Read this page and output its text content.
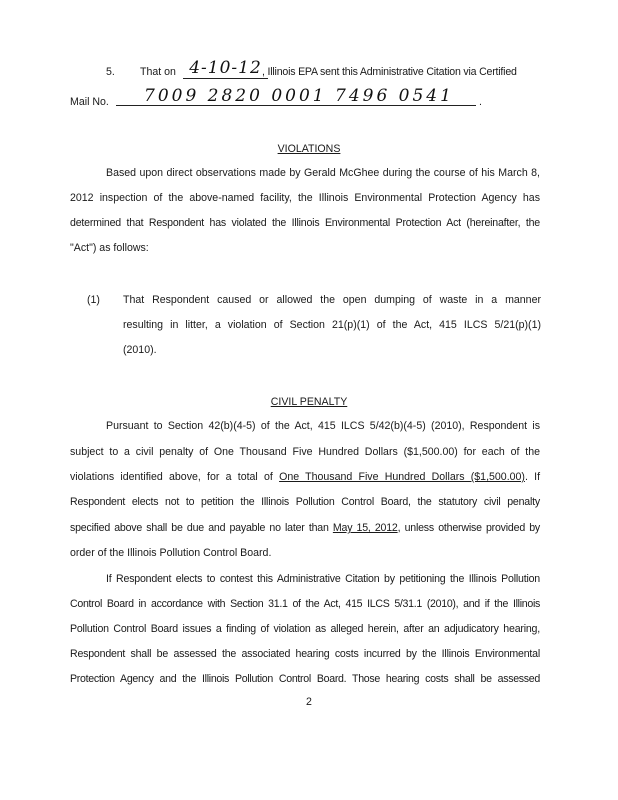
5. That on 4-10-12 , Illinois EPA sent this Administrative Citation via Certified
Mail No.	7009 2820 0001 7496 0541	.
VIOLATIONS
Based upon direct observations made by Gerald McGhee during the course of his March 8,
2012 inspection of the above-named facility, the Illinois Environmental Protection Agency has
determined that Respondent has violated the Illinois Environmental Protection Act (hereinafter, the
"Act") as follows:
(1) That Respondent caused or allowed the open dumping of waste in a manner
resulting in litter, a violation of Section 21(p)(1) of the Act, 415 ILCS 5/21(p)(1)
(2010).
CIVIL PENALTY
Pursuant to Section 42(b)(4-5) of the Act, 415 ILCS 5/42(b)(4-5) (2010), Respondent is
subject to a civil penalty of One Thousand Five Hundred Dollars ($1,500.00) for each of the
violations identified above, for a total of One Thousand Five Hundred Dollars ($1,500.00). If
Respondent elects not to petition the Illinois Pollution Control Board, the statutory civil penalty
specified above shall be due and payable no later than May 15, 2012, unless otherwise provided by
order of the Illinois Pollution Control Board.
If Respondent elects to contest this Administrative Citation by petitioning the Illinois Pollution
Control Board in accordance with Section 31.1 of the Act, 415 ILCS 5/31.1 (2010), and if the Illinois
Pollution Control Board issues a finding of violation as alleged herein, after an adjudicatory hearing,
Respondent shall be assessed the associated hearing costs incurred by the Illinois Environmental
Protection Agency and the Illinois Pollution Control Board. Those hearing costs shall be assessed
2
